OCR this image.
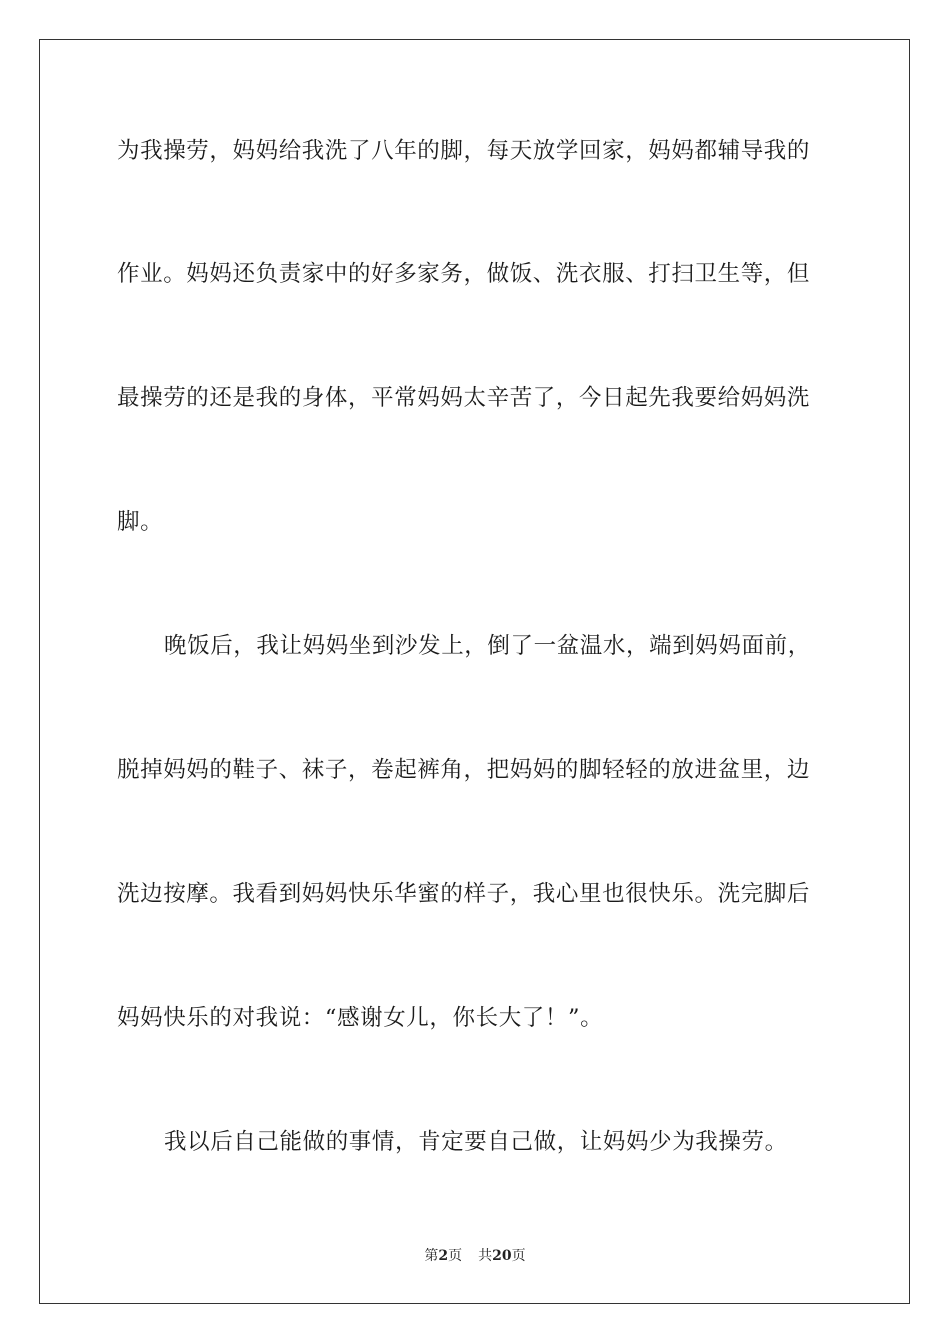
为我操劳，妈妈给我洗了八年的脚，每天放学回家，妈妈都辅导我的
作业。妈妈还负责家中的好多家务，做饭、洗衣服、打扫卫生等，但
最操劳的还是我的身体，平常妈妈太辛苦了，今日起先我要给妈妈洗
脚。
晚饭后，我让妈妈坐到沙发上，倒了一盆温水，端到妈妈面前，
脱掉妈妈的鞋子、袜子，卷起裤角，把妈妈的脚轻轻的放进盆里，边
洗边按摩。我看到妈妈快乐华蜜的样子，我心里也很快乐。洗完脚后
妈妈快乐的对我说：“感谢女儿，你长大了！”。
我以后自己能做的事情，肯定要自己做，让妈妈少为我操劳。
第2页 共20页
